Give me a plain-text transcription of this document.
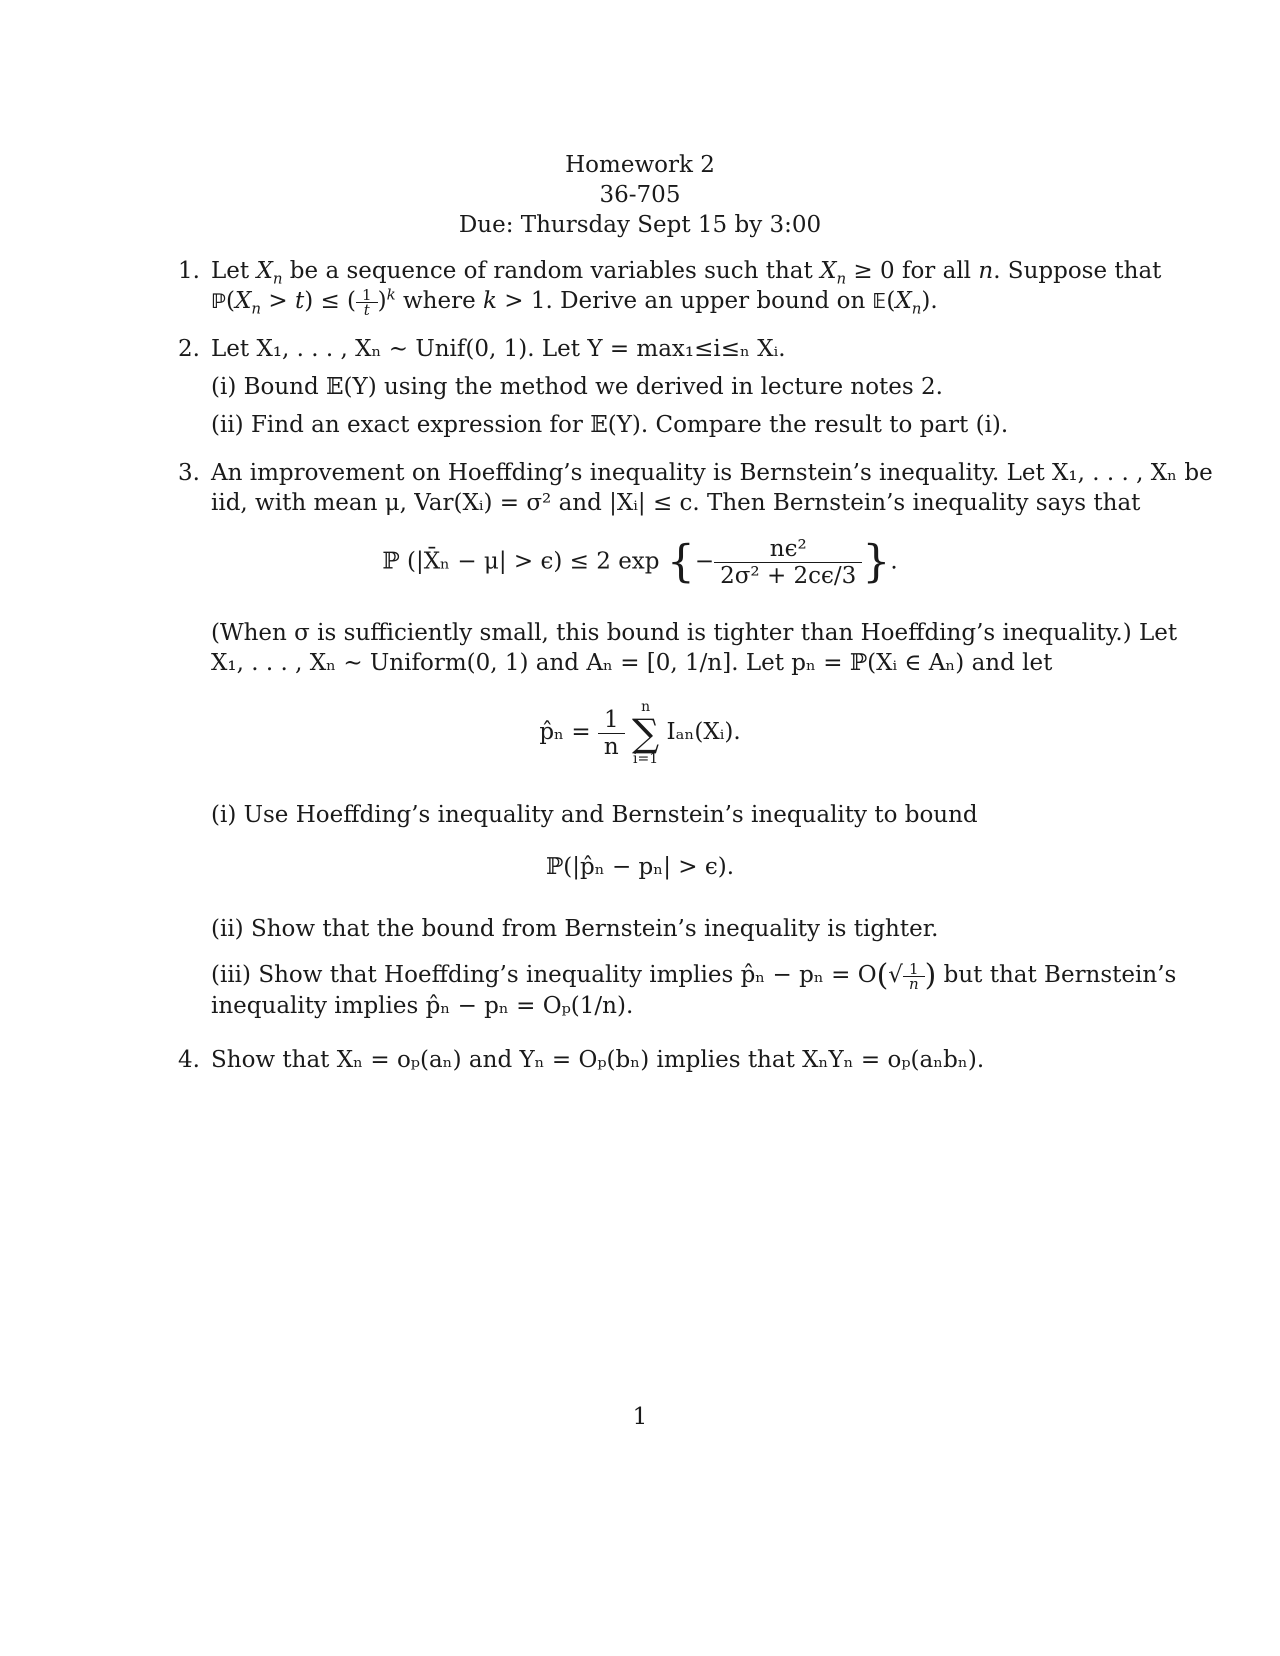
Homework 2
36-705
Due: Thursday Sept 15 by 3:00
1. Let $X_n$ be a sequence of random variables such that $X_n \ge 0$ for all n. Suppose that
$ℙ(X_n > t)$ ≤ ( $\frac{1}{t} )^k$ where k > 1. Derive an upper bound on $𝔼(X_n)$.
2. Let X₁, . . . , Xₙ ∼ Unif(0, 1). Let Y = max₁≤i≤ₙ Xᵢ.
(i) Bound 𝔼(Y) using the method we derived in lecture notes 2.
(ii) Find an exact expression for 𝔼(Y). Compare the result to part (i).
3. An improvement on Hoeffding’s inequality is Bernstein’s inequality. Let X₁, . . . , Xₙ be
iid, with mean μ, Var(Xᵢ) = σ² and |Xᵢ| ≤ c. Then Bernstein’s inequality says that
ℙ (|X̄ₙ − μ| > ϵ) ≤ 2 exp {− $\frac{\text{nϵ²}}{\text{2σ² + 2cϵ/3}}$ }.
(When σ is sufficiently small, this bound is tighter than Hoeffding’s inequality.) Let
X₁, . . . , Xₙ ∼ Uniform(0, 1) and Aₙ = [0, 1/n]. Let pₙ = ℙ(Xᵢ ∈ Aₙ) and let
p̂ₙ = $\frac{1}{n}$
	n
∑
i=1
Iₐₙ(Xᵢ).
(i) Use Hoeffding’s inequality and Bernstein’s inequality to bound
ℙ(|p̂ₙ − pₙ| > ϵ).
(ii) Show that the bound from Bernstein’s inequality is tighter.
(iii) Show that Hoeffding’s inequality implies p̂ₙ − $p_n = O(√ \frac{1}{n}$ ) but that Bernstein’s
inequality implies p̂ₙ − pₙ = Oₚ(1/n).
4. Show that Xₙ = oₚ(aₙ) and Yₙ = Oₚ(bₙ) implies that XₙYₙ = oₚ(aₙbₙ).
1
